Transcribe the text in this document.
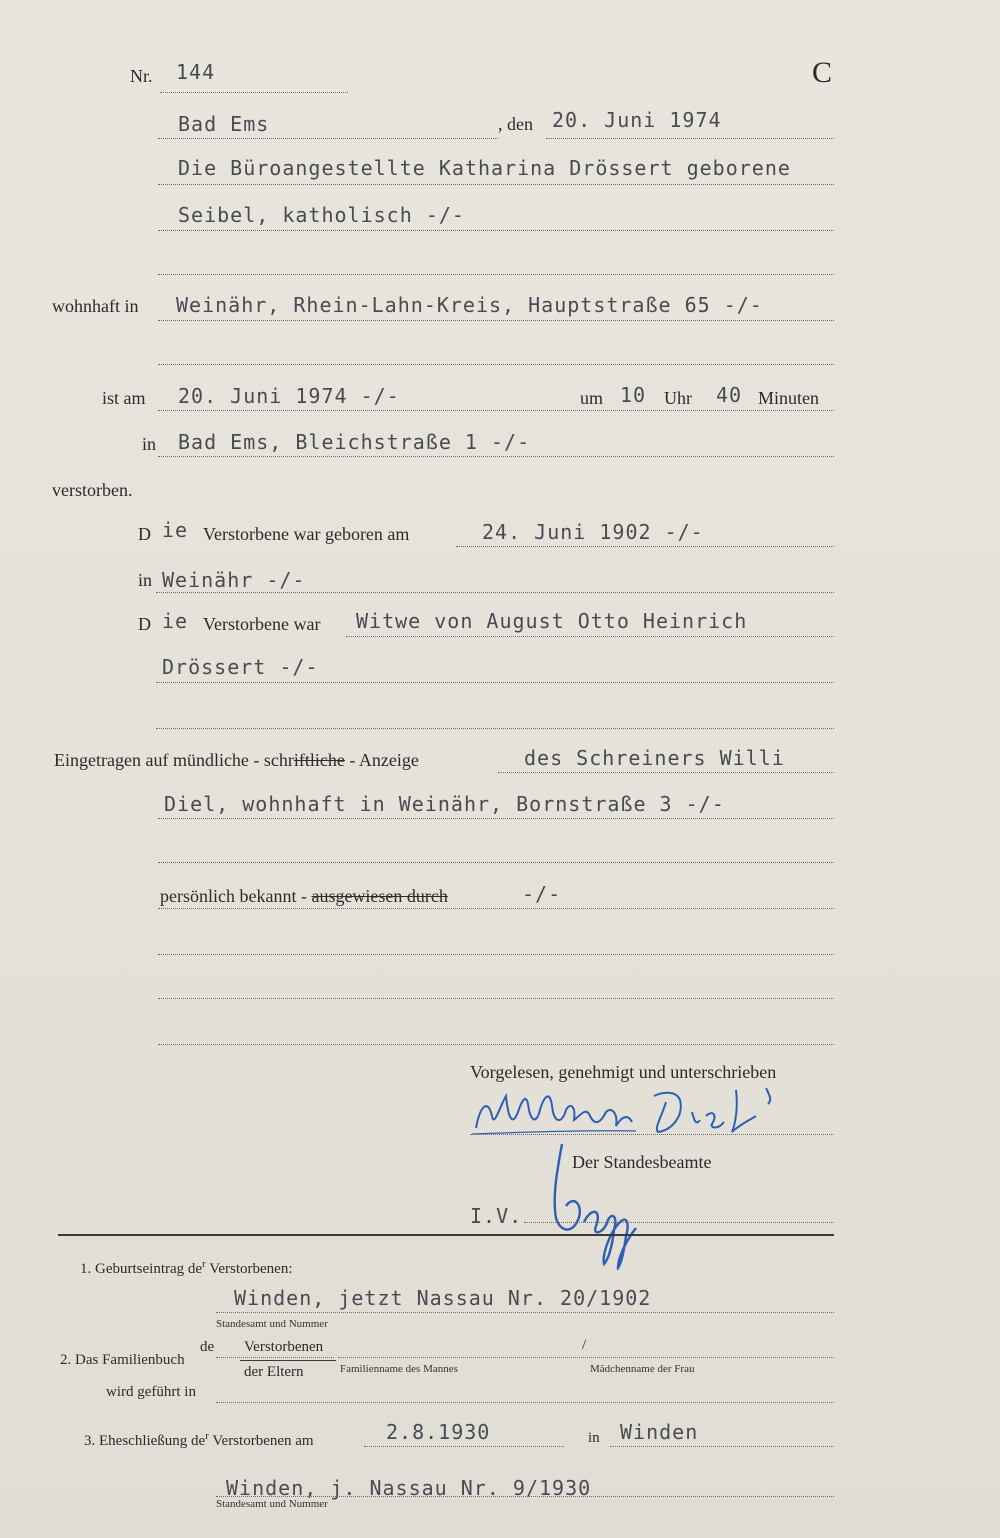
Nr. 144	C
Bad Ems	, den 20. Juni 1974
Die Büroangestellte Katharina Drössert geborene
Seibel, katholisch -/-
wohnhaft in Weinähr, Rhein-Lahn-Kreis, Hauptstraße 65 -/-
ist am 20. Juni 1974 -/-	um 10 Uhr 40 Minuten
in Bad Ems, Bleichstraße 1 -/-
verstorben.
D ie Verstorbene war geboren am	24. Juni 1902 -/-
in Weinähr -/-
D ie Verstorbene war Witwe von August Otto Heinrich
Drössert -/-
Eingetragen auf mündliche - schriftliche - Anzeige	des Schreiners Willi
Diel, wohnhaft in Weinähr, Bornstraße 3 -/-
persönlich bekannt - ausgewiesen durch	-/-
Vorgelesen, genehmigt und unterschrieben
Der Standesbeamte
I.V.
1. Geburtseintrag $de^r$ Verstorbenen:
Winden, jetzt Nassau Nr. 20/1902
Standesamt und Nummer
2. Das Familienbuch
de Verstorbenen
der Eltern	Familienname des Mannes
/
Mädchenname der Frau
wird geführt in
3. Eheschließung $de^r$ Verstorbenen am	2.8.1930	in Winden
Winden, j. Nassau Nr. 9/1930
Standesamt und Nummer
